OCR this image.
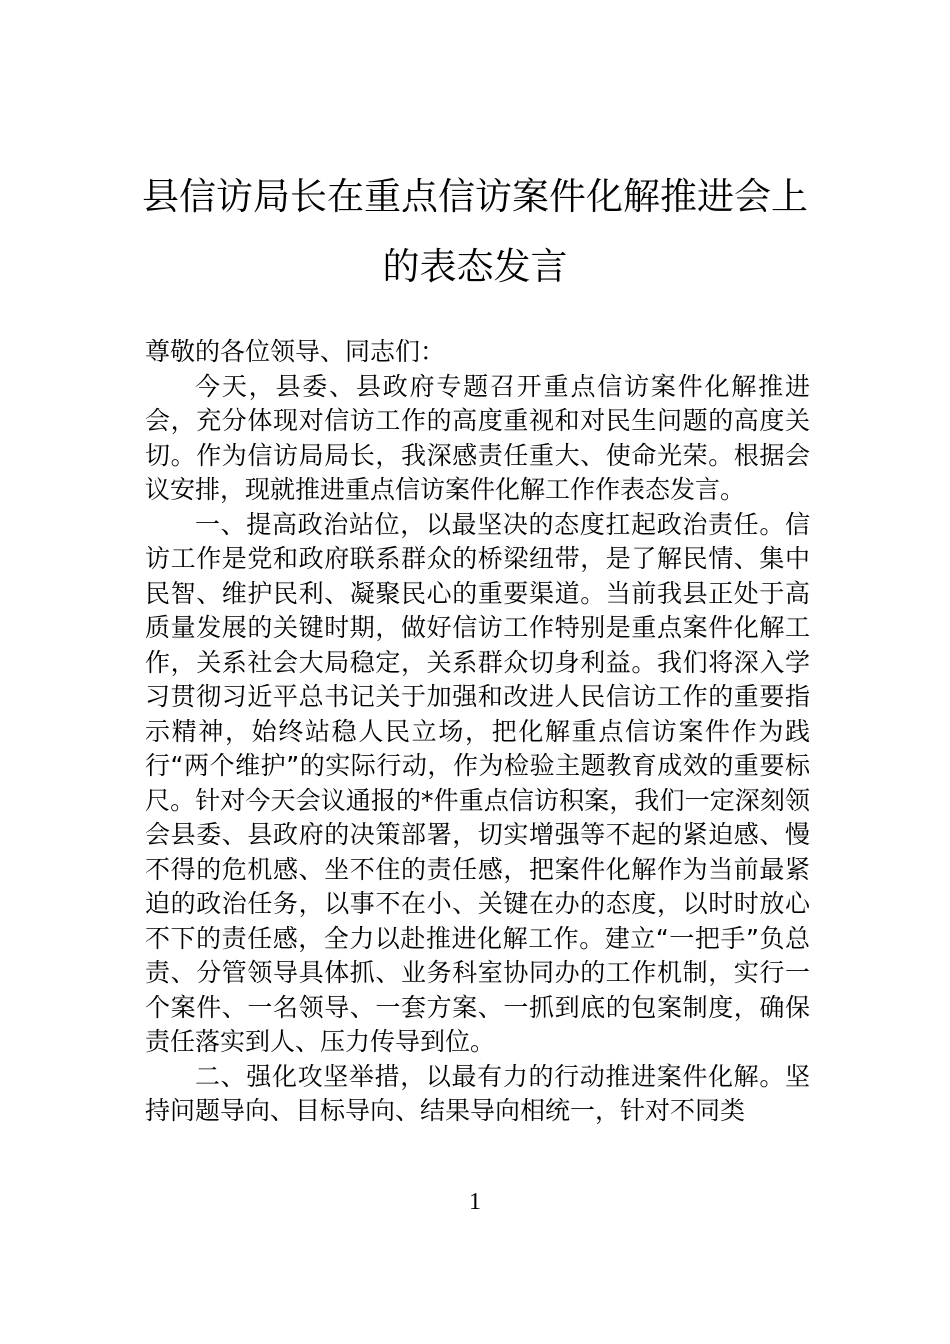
县信访局长在重点信访案件化解推进会上
的表态发言

尊敬的各位领导、同志们：

今天，县委、县政府专题召开重点信访案件化解推进会，充分体现对信访工作的高度重视和对民生问题的高度关切。作为信访局局长，我深感责任重大、使命光荣。根据会议安排，现就推进重点信访案件化解工作作表态发言。

一、提高政治站位，以最坚决的态度扛起政治责任。信访工作是党和政府联系群众的桥梁纽带，是了解民情、集中民智、维护民利、凝聚民心的重要渠道。当前我县正处于高质量发展的关键时期，做好信访工作特别是重点案件化解工作，关系社会大局稳定，关系群众切身利益。我们将深入学习贯彻习近平总书记关于加强和改进人民信访工作的重要指示精神，始终站稳人民立场，把化解重点信访案件作为践行“两个维护”的实际行动，作为检验主题教育成效的重要标尺。针对今天会议通报的*件重点信访积案，我们一定深刻领会县委、县政府的决策部署，切实增强等不起的紧迫感、慢不得的危机感、坐不住的责任感，把案件化解作为当前最紧迫的政治任务，以事不在小、关键在办的态度，以时时放心不下的责任感，全力以赴推进化解工作。建立“一把手”负总责、分管领导具体抓、业务科室协同办的工作机制，实行一个案件、一名领导、一套方案、一抓到底的包案制度，确保责任落实到人、压力传导到位。

二、强化攻坚举措，以最有力的行动推进案件化解。坚持问题导向、目标导向、结果导向相统一，针对不同类

1
